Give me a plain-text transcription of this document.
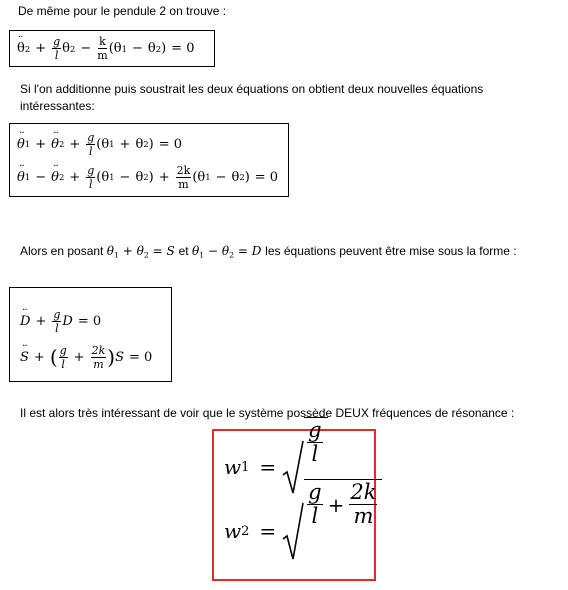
De même pour le pendule 2 on trouve :
¨ θ $2 + \frac{g}{l}$ θ $2 - \frac{k}{m}$ ( θ 1 − θ 2 ) = 0
Si l'on additionne puis soustrait les deux équations on obtient deux nouvelles équations
intéressantes:
¨ θ 1 + ¨ θ $2 + \frac{g}{l}$ ( θ 1 + θ 2 ) = 0
¨ θ 1 − ¨ θ $2 + \frac{g}{l}$ ( θ 1 − θ 2 ) + $\frac{2k}{m}$ ( θ 1 − θ 2 ) = 0
Alors en posant $\theta_1 + \theta_2 = S$ et $\theta_1 - \theta_2 = D$ les équations peuvent être mise sous la forme :
¨ $D + \frac{g}{l}$ D = 0
¨ S + ( $\frac{g}{l} + \frac{2k}{m}$ ) S = 0
Il est alors très intéressant de voir que le système possède DEUX fréquences de résonance :
w 1 =
$\frac{g}{l}$
w 2 =
$\frac{g}{l} + \frac{2k}{m}$
